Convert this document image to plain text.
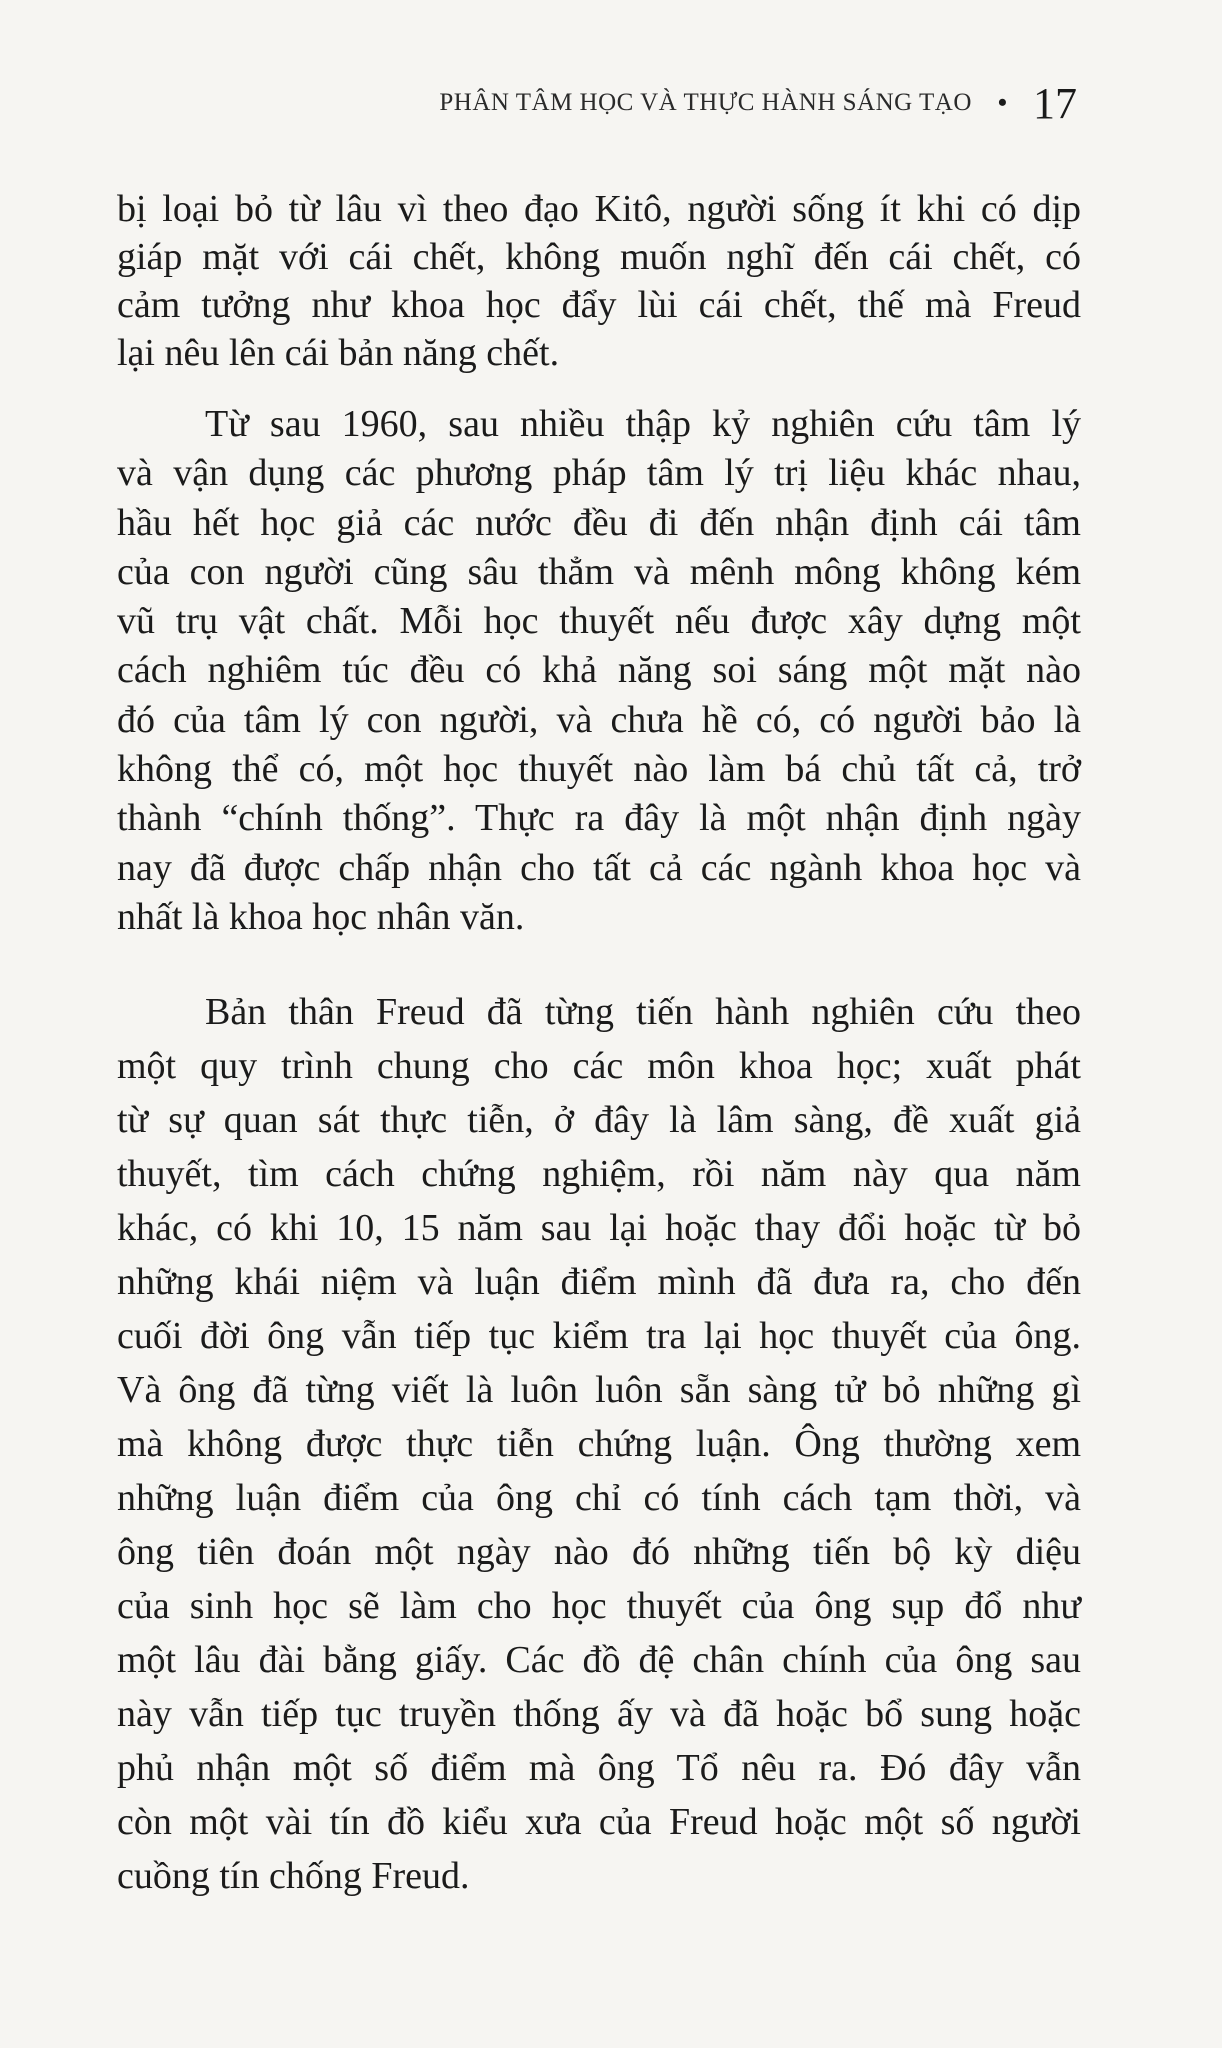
PHÂN TÂM HỌC VÀ THỰC HÀNH SÁNG TẠO • 17
bị loại bỏ từ lâu vì theo đạo Kitô, người sống ít khi có dịp
giáp mặt với cái chết, không muốn nghĩ đến cái chết, có
cảm tưởng như khoa học đẩy lùi cái chết, thế mà Freud
lại nêu lên cái bản năng chết.
Từ sau 1960, sau nhiều thập kỷ nghiên cứu tâm lý
và vận dụng các phương pháp tâm lý trị liệu khác nhau,
hầu hết học giả các nước đều đi đến nhận định cái tâm
của con người cũng sâu thẳm và mênh mông không kém
vũ trụ vật chất. Mỗi học thuyết nếu được xây dựng một
cách nghiêm túc đều có khả năng soi sáng một mặt nào
đó của tâm lý con người, và chưa hề có, có người bảo là
không thể có, một học thuyết nào làm bá chủ tất cả, trở
thành “chính thống”. Thực ra đây là một nhận định ngày
nay đã được chấp nhận cho tất cả các ngành khoa học và
nhất là khoa học nhân văn.
Bản thân Freud đã từng tiến hành nghiên cứu theo
một quy trình chung cho các môn khoa học; xuất phát
từ sự quan sát thực tiễn, ở đây là lâm sàng, đề xuất giả
thuyết, tìm cách chứng nghiệm, rồi năm này qua năm
khác, có khi 10, 15 năm sau lại hoặc thay đổi hoặc từ bỏ
những khái niệm và luận điểm mình đã đưa ra, cho đến
cuối đời ông vẫn tiếp tục kiểm tra lại học thuyết của ông.
Và ông đã từng viết là luôn luôn sẵn sàng tử bỏ những gì
mà không được thực tiễn chứng luận. Ông thường xem
những luận điểm của ông chỉ có tính cách tạm thời, và
ông tiên đoán một ngày nào đó những tiến bộ kỳ diệu
của sinh học sẽ làm cho học thuyết của ông sụp đổ như
một lâu đài bằng giấy. Các đồ đệ chân chính của ông sau
này vẫn tiếp tục truyền thống ấy và đã hoặc bổ sung hoặc
phủ nhận một số điểm mà ông Tổ nêu ra. Đó đây vẫn
còn một vài tín đồ kiểu xưa của Freud hoặc một số người
cuồng tín chống Freud.
